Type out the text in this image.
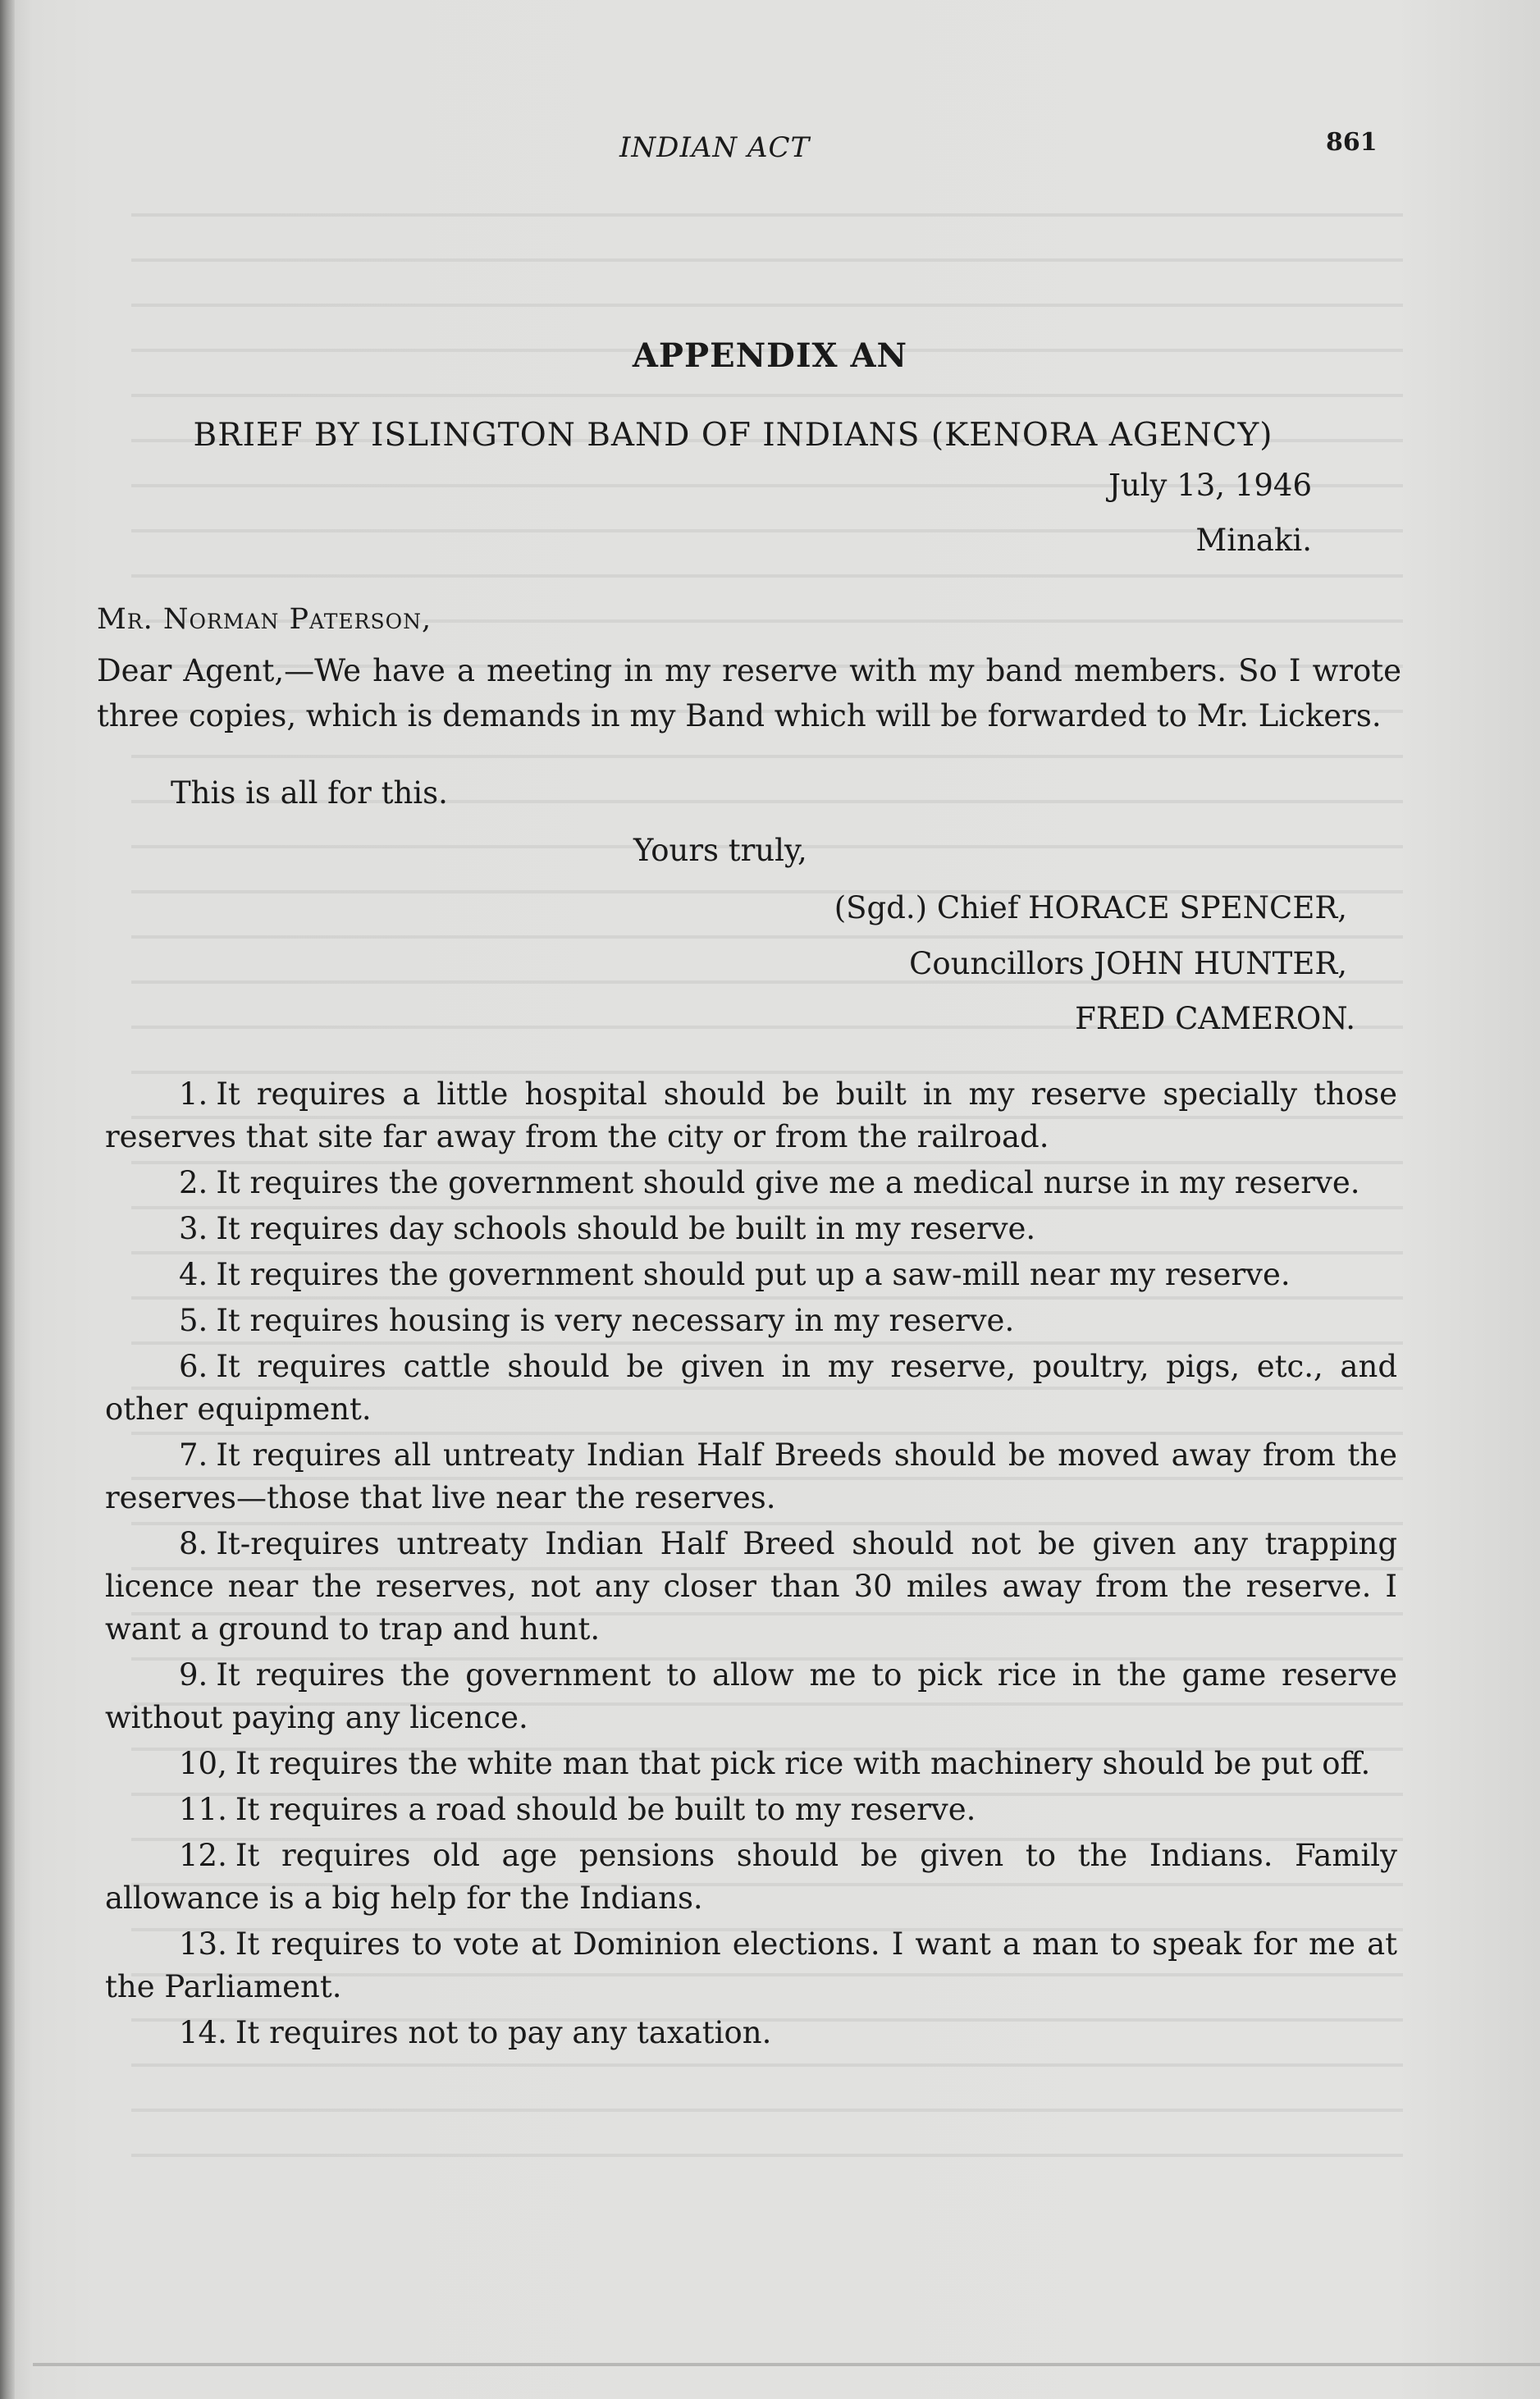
INDIAN ACT	861
APPENDIX AN
BRIEF BY ISLINGTON BAND OF INDIANS (KENORA AGENCY)
July 13, 1946
Minaki.
Mr. Norman Paterson,

Dear Agent,—We have a meeting in my reserve with my band members. So I wrote three copies, which is demands in my Band which will be forwarded to Mr. Lickers.

This is all for this.
Yours truly,
(Sgd.) Chief HORACE SPENCER,
Councillors JOHN HUNTER,
FRED CAMERON.
1. It requires a little hospital should be built in my reserve specially those reserves that site far away from the city or from the railroad.
2. It requires the government should give me a medical nurse in my reserve.
3. It requires day schools should be built in my reserve.
4. It requires the government should put up a saw-mill near my reserve.
5. It requires housing is very necessary in my reserve.
6. It requires cattle should be given in my reserve, poultry, pigs, etc., and other equipment.
7. It requires all untreaty Indian Half Breeds should be moved away from the reserves—those that live near the reserves.
8. It-requires untreaty Indian Half Breed should not be given any trapping licence near the reserves, not any closer than 30 miles away from the reserve. I want a ground to trap and hunt.
9. It requires the government to allow me to pick rice in the game reserve without paying any licence.
10, It requires the white man that pick rice with machinery should be put off.
11. It requires a road should be built to my reserve.
12. It requires old age pensions should be given to the Indians. Family allowance is a big help for the Indians.
13. It requires to vote at Dominion elections. I want a man to speak for me at the Parliament.
14. It requires not to pay any taxation.
